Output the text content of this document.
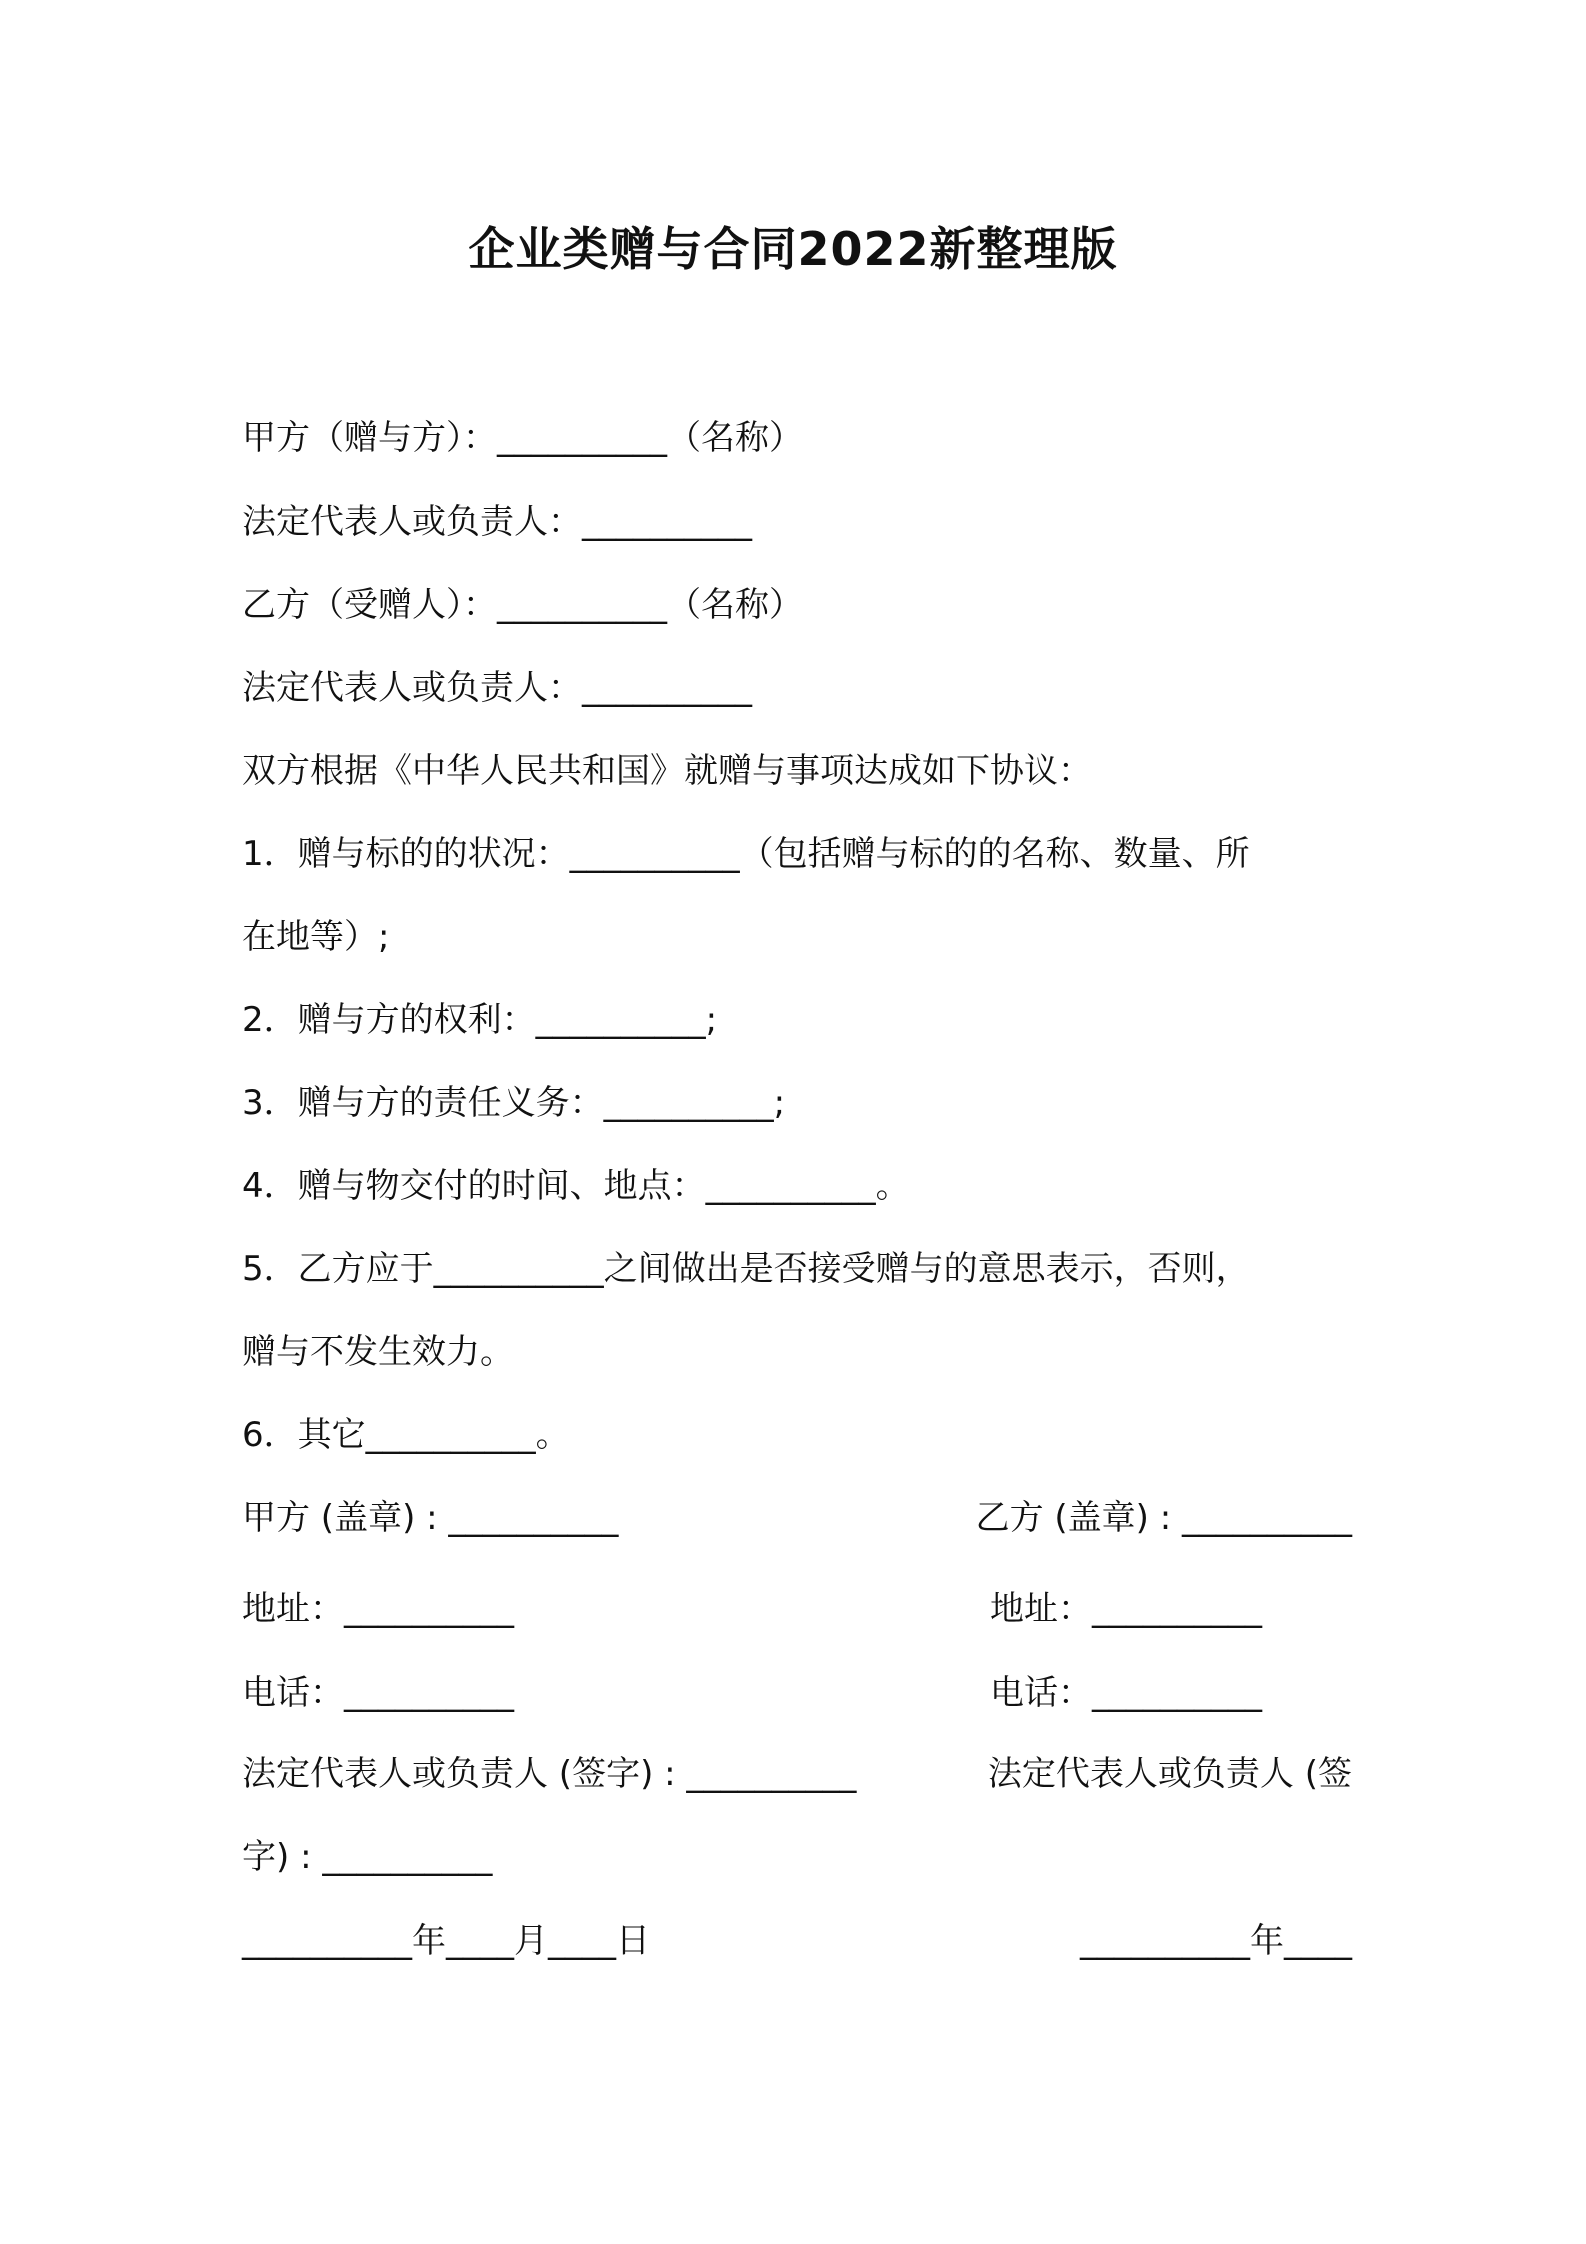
企业类赠与合同2022新整理版
甲方（赠与方）：__________（名称）
法定代表人或负责人：__________
乙方（受赠人）：__________（名称）
法定代表人或负责人：__________
双方根据《中华人民共和国》就赠与事项达成如下协议：
1．赠与标的的状况：__________（包括赠与标的的名称、数量、所
在地等）;
2．赠与方的权利：__________;
3．赠与方的责任义务：__________;
4．赠与物交付的时间、地点：__________。
5．乙方应于__________之间做出是否接受赠与的意思表示，否则，
赠与不发生效力。
6．其它__________。
甲方 (盖章) : __________	乙方 (盖章) : __________
地址：__________	地址：__________
电话：__________	电话：__________
法定代表人或负责人 (签字) : __________	法定代表人或负责人 (签
字) : __________
__________年____月____日	__________年____
